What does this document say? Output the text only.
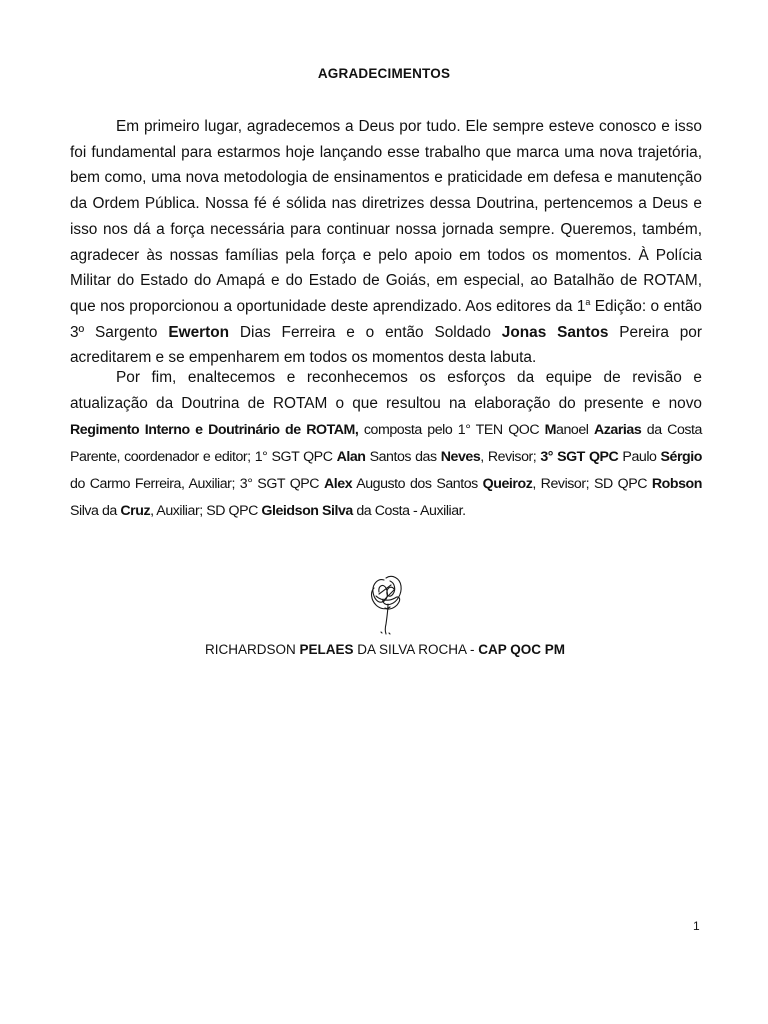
AGRADECIMENTOS
Em primeiro lugar, agradecemos a Deus por tudo. Ele sempre esteve conosco e isso foi fundamental para estarmos hoje lançando esse trabalho que marca uma nova trajetória, bem como, uma nova metodologia de ensinamentos e praticidade em defesa e manutenção da Ordem Pública. Nossa fé é sólida nas diretrizes dessa Doutrina, pertencemos a Deus e isso nos dá a força necessária para continuar nossa jornada sempre. Queremos, também, agradecer às nossas famílias pela força e pelo apoio em todos os momentos. À Polícia Militar do Estado do Amapá e do Estado de Goiás, em especial, ao Batalhão de ROTAM, que nos proporcionou a oportunidade deste aprendizado. Aos editores da 1$^a$ Edição: o então 3º Sargento Ewerton Dias Ferreira e o então Soldado Jonas Santos Pereira por acreditarem e se empenharem em todos os momentos desta labuta.
Por fim, enaltecemos e reconhecemos os esforços da equipe de revisão e atualização da Doutrina de ROTAM o que resultou na elaboração do presente e novo Regimento Interno e Doutrinário de ROTAM, composta pelo 1° TEN QOC Manoel Azarias da Costa Parente, coordenador e editor; 1° SGT QPC Alan Santos das Neves, Revisor; 3° SGT QPC Paulo Sérgio do Carmo Ferreira, Auxiliar; 3° SGT QPC Alex Augusto dos Santos Queiroz, Revisor; SD QPC Robson Silva da Cruz, Auxiliar; SD QPC Gleidson Silva da Costa - Auxiliar.
RICHARDSON PELAES DA SILVA ROCHA - CAP QOC PM
1
